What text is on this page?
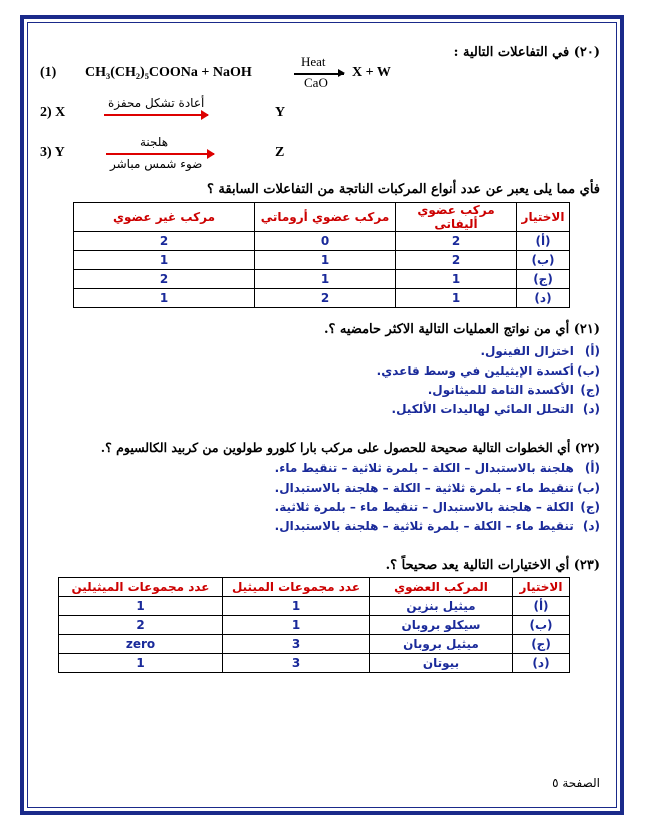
(٢٠) في التفاعلات التالية :
(1) CH₃(CH₂)₅COONa + NaOH
Heat
CaO
X + W
2) X
أعادة تشكل محفزة
Y
3) Y
هلجنة
ضوء شمس مباشر
Z
فأي مما يلى يعبر عن عدد أنواع المركبات الناتجة من التفاعلات السابقة ؟
الاختيار	مركب عضوي أليفاتى	مركب عضوي أروماتي	مركب غير عضوي
(أ)	2	0	2
(ب)	2	1	1
(ج)	1	1	2
(د)	1	2	1
(٢١) أي من نواتج العمليات التالية الاكثر حامضيه ؟.
(أ) اختزال الفينول.
(ب) أكسدة الإيثيلين في وسط قاعدي.
(ج) الأكسدة التامة للميثانول.
(د) التحلل المائي لهاليدات الألكيل.
(٢٢) أي الخطوات التالية صحيحة للحصول على مركب بارا كلورو طولوين من كربيد الكالسيوم ؟.
(أ) هلجنة بالاستبدال – الكلة – بلمرة ثلاثية – تنقيط ماء.
(ب) تنقيط ماء – بلمرة ثلاثية – الكلة – هلجنة بالاستبدال.
(ج) الكلة – هلجنة بالاستبدال – تنقيط ماء – بلمرة ثلاثية.
(د) تنقيط ماء – الكلة – بلمرة ثلاثية – هلجنة بالاستبدال.
(٢٣) أي الاختيارات التالية يعد صحيحاً ؟.
الاختيار	المركب العضوي	عدد مجموعات الميثيل	عدد مجموعات الميثيلين
(أ)	ميثيل بنزين	1	1
(ب)	سيكلو بروبان	1	2
(ج)	ميثيل بروبان	3	zero
(د)	بيوتان	3	1
الصفحة ٥
